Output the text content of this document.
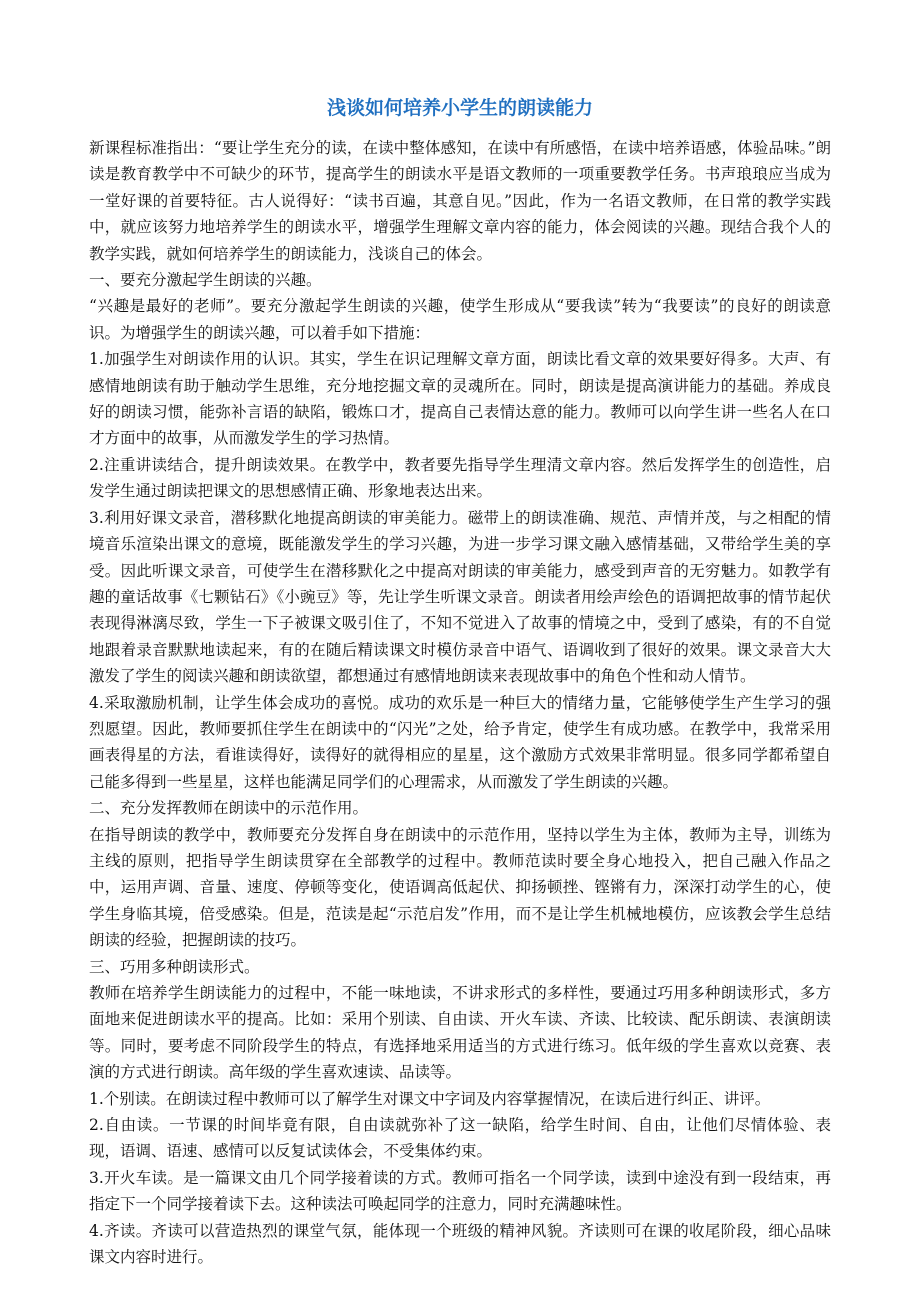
浅谈如何培养小学生的朗读能力

新课程标准指出：“要让学生充分的读，在读中整体感知，在读中有所感悟，在读中培养语感，体验品味。”朗读是教育教学中不可缺少的环节，提高学生的朗读水平是语文教师的一项重要教学任务。书声琅琅应当成为一堂好课的首要特征。古人说得好：“读书百遍，其意自见。”因此，作为一名语文教师，在日常的教学实践中，就应该努力地培养学生的朗读水平，增强学生理解文章内容的能力，体会阅读的兴趣。现结合我个人的教学实践，就如何培养学生的朗读能力，浅谈自己的体会。

一、要充分激起学生朗读的兴趣。

“兴趣是最好的老师”。要充分激起学生朗读的兴趣，使学生形成从“要我读”转为“我要读”的良好的朗读意识。为增强学生的朗读兴趣，可以着手如下措施：

1.加强学生对朗读作用的认识。其实，学生在识记理解文章方面，朗读比看文章的效果要好得多。大声、有感情地朗读有助于触动学生思维，充分地挖掘文章的灵魂所在。同时，朗读是提高演讲能力的基础。养成良好的朗读习惯，能弥补言语的缺陷，锻炼口才，提高自己表情达意的能力。教师可以向学生讲一些名人在口才方面中的故事，从而激发学生的学习热情。

2.注重讲读结合，提升朗读效果。在教学中，教者要先指导学生理清文章内容。然后发挥学生的创造性，启发学生通过朗读把课文的思想感情正确、形象地表达出来。

3.利用好课文录音，潜移默化地提高朗读的审美能力。磁带上的朗读准确、规范、声情并茂，与之相配的情境音乐渲染出课文的意境，既能激发学生的学习兴趣，为进一步学习课文融入感情基础，又带给学生美的享受。因此听课文录音，可使学生在潜移默化之中提高对朗读的审美能力，感受到声音的无穷魅力。如教学有趣的童话故事《七颗钻石》《小豌豆》等，先让学生听课文录音。朗读者用绘声绘色的语调把故事的情节起伏表现得淋漓尽致，学生一下子被课文吸引住了，不知不觉进入了故事的情境之中，受到了感染，有的不自觉地跟着录音默默地读起来，有的在随后精读课文时模仿录音中语气、语调收到了很好的效果。课文录音大大激发了学生的阅读兴趣和朗读欲望，都想通过有感情地朗读来表现故事中的角色个性和动人情节。

4.采取激励机制，让学生体会成功的喜悦。成功的欢乐是一种巨大的情绪力量，它能够使学生产生学习的强烈愿望。因此，教师要抓住学生在朗读中的“闪光”之处，给予肯定，使学生有成功感。在教学中，我常采用画表得星的方法，看谁读得好，读得好的就得相应的星星，这个激励方式效果非常明显。很多同学都希望自己能多得到一些星星，这样也能满足同学们的心理需求，从而激发了学生朗读的兴趣。

二、充分发挥教师在朗读中的示范作用。

在指导朗读的教学中，教师要充分发挥自身在朗读中的示范作用，坚持以学生为主体，教师为主导，训练为主线的原则，把指导学生朗读贯穿在全部教学的过程中。教师范读时要全身心地投入，把自己融入作品之中，运用声调、音量、速度、停顿等变化，使语调高低起伏、抑扬顿挫、铿锵有力，深深打动学生的心，使学生身临其境，倍受感染。但是，范读是起“示范启发”作用，而不是让学生机械地模仿，应该教会学生总结朗读的经验，把握朗读的技巧。

三、巧用多种朗读形式。

教师在培养学生朗读能力的过程中，不能一味地读，不讲求形式的多样性，要通过巧用多种朗读形式，多方面地来促进朗读水平的提高。比如：采用个别读、自由读、开火车读、齐读、比较读、配乐朗读、表演朗读等。同时，要考虑不同阶段学生的特点，有选择地采用适当的方式进行练习。低年级的学生喜欢以竞赛、表演的方式进行朗读。高年级的学生喜欢速读、品读等。

1.个别读。在朗读过程中教师可以了解学生对课文中字词及内容掌握情况，在读后进行纠正、讲评。

2.自由读。一节课的时间毕竟有限，自由读就弥补了这一缺陷，给学生时间、自由，让他们尽情体验、表现，语调、语速、感情可以反复试读体会，不受集体约束。

3.开火车读。是一篇课文由几个同学接着读的方式。教师可指名一个同学读，读到中途没有到一段结束，再指定下一个同学接着读下去。这种读法可唤起同学的注意力，同时充满趣味性。

4.齐读。齐读可以营造热烈的课堂气氛，能体现一个班级的精神风貌。齐读则可在课的收尾阶段，细心品味课文内容时进行。
